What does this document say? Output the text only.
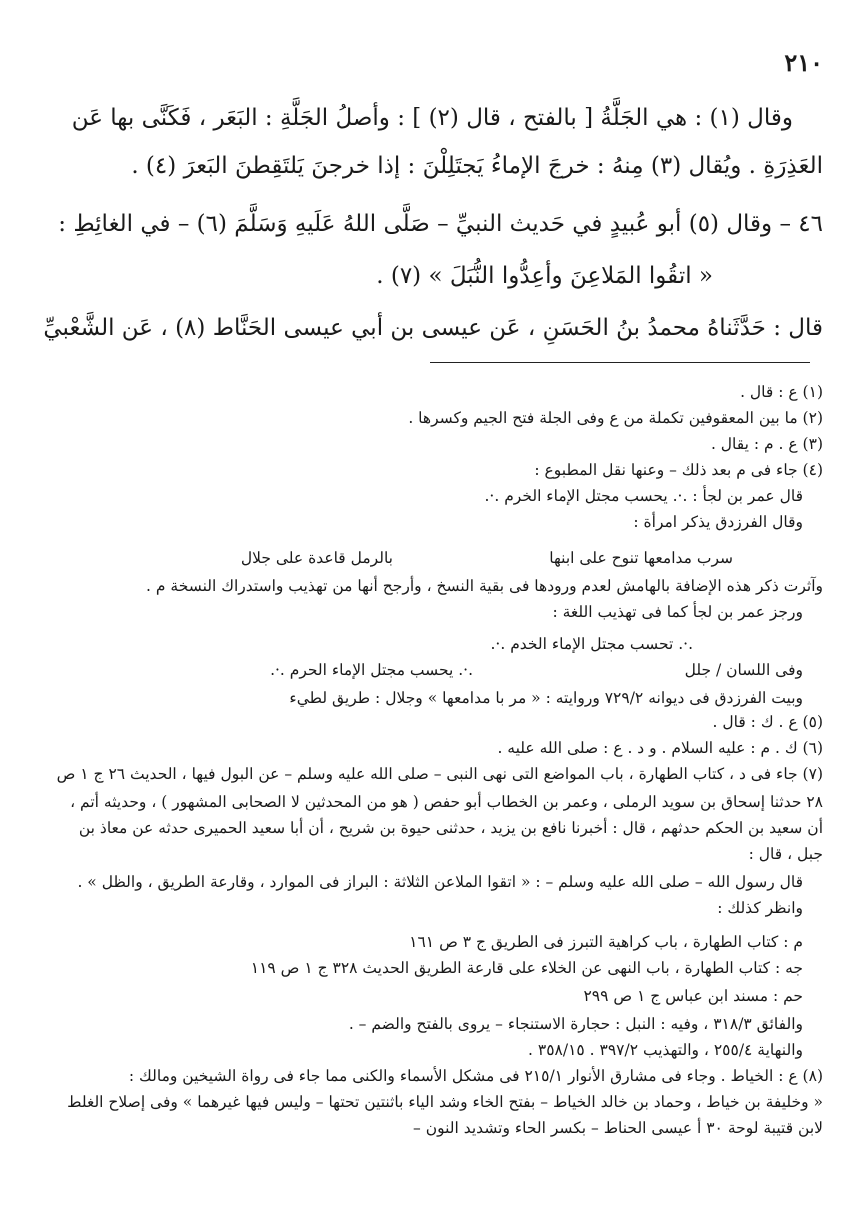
٢١٠

وقال (١) : هي الجَلَّةُ [ بالفتح ، قال (٢) ] : وأصلُ الجَلَّةِ : البَعَر ، فَكَنَّى بها عَن

العَذِرَةِ . ويُقال (٣) مِنهُ : خرجَ الإماءُ يَجتَلِلْنَ : إذا خرجنَ يَلتَقِطنَ البَعرَ (٤) .

٤٦ – وقال (٥) أبو عُبيدٍ في حَديث النبيِّ – صَلَّى اللهُ عَلَيهِ وَسَلَّمَ (٦) – في الغائِطِ :

« اتقُوا المَلاعِنَ وأعِدُّوا النُّبَلَ » (٧) .

قال : حَدَّثَناهُ محمدُ بنُ الحَسَنِ ، عَن عيسى بن أبي عيسى الحَنَّاط (٨) ، عَن الشَّعْبيِّ

(١) ع : قال .

(٢) ما بين المعقوفين تكملة من ع وفى الجلة فتح الجيم وكسرها .

(٣) ع . م : يقال .

(٤) جاء فى م بعد ذلك – وعنها نقل المطبوع :

قال عمر بن لجأ : .·. يحسب مجتل الإماء الخرم .·.

وقال الفرزدق يذكر امرأة :

سرب مدامعها تنوح على ابنها
بالرمل قاعدة على جلال

وآثرت ذكر هذه الإضافة بالهامش لعدم ورودها فى بقية النسخ ، وأرجح أنها من تهذيب واستدراك النسخة م .

ورجز عمر بن لجأ كما فى تهذيب اللغة :

.·. تحسب مجتل الإماء الخدم .·.

وفى اللسان / جلل

.·. يحسب مجتل الإماء الحرم .·.

وبيت الفرزدق فى ديوانه ٧٢٩/٢ وروايته : « مر با مدامعها » وجلال : طريق لطيء

(٥) ع . ك : قال .

(٦) ك . م : عليه السلام . و د . ع : صلى الله عليه .

(٧) جاء فى د ، كتاب الطهارة ، باب المواضع التى نهى النبى – صلى الله عليه وسلم – عن البول فيها ، الحديث ٢٦ ج ١ ص

٢٨ حدثنا إسحاق بن سويد الرملى ، وعمر بن الخطاب أبو حفص ( هو من المحدثين لا الصحابى المشهور ) ، وحديثه أتم ،

أن سعيد بن الحكم حدثهم ، قال : أخبرنا نافع بن يزيد ، حدثنى حيوة بن شريح ، أن أبا سعيد الحميرى حدثه عن معاذ بن

جبل ، قال :

قال رسول الله – صلى الله عليه وسلم – : « اتقوا الملاعن الثلاثة : البراز فى الموارد ، وقارعة الطريق ، والظل » .

وانظر كذلك :

م : كتاب الطهارة ، باب كراهية التبرز فى الطريق ج ٣ ص ١٦١

جه : كتاب الطهارة ، باب النهى عن الخلاء على قارعة الطريق الحديث ٣٢٨ ج ١ ص ١١٩

حم : مسند ابن عباس ج ١ ص ٢٩٩

والفائق ٣١٨/٣ ، وفيه : النبل : حجارة الاستنجاء – يروى بالفتح والضم – .

والنهاية ٢٥٥/٤ ، والتهذيب ٣٩٧/٢ . ٣٥٨/١٥ .

(٨) ع : الخياط . وجاء فى مشارق الأنوار ٢١٥/١ فى مشكل الأسماء والكنى مما جاء فى رواة الشيخين ومالك :

« وخليفة بن خياط ، وحماد بن خالد الخياط – بفتح الخاء وشد الياء باثنتين تحتها – وليس فيها غيرهما » وفى إصلاح الغلط

لابن قتيبة لوحة ٣٠ أ عيسى الحناط – بكسر الحاء وتشديد النون –
